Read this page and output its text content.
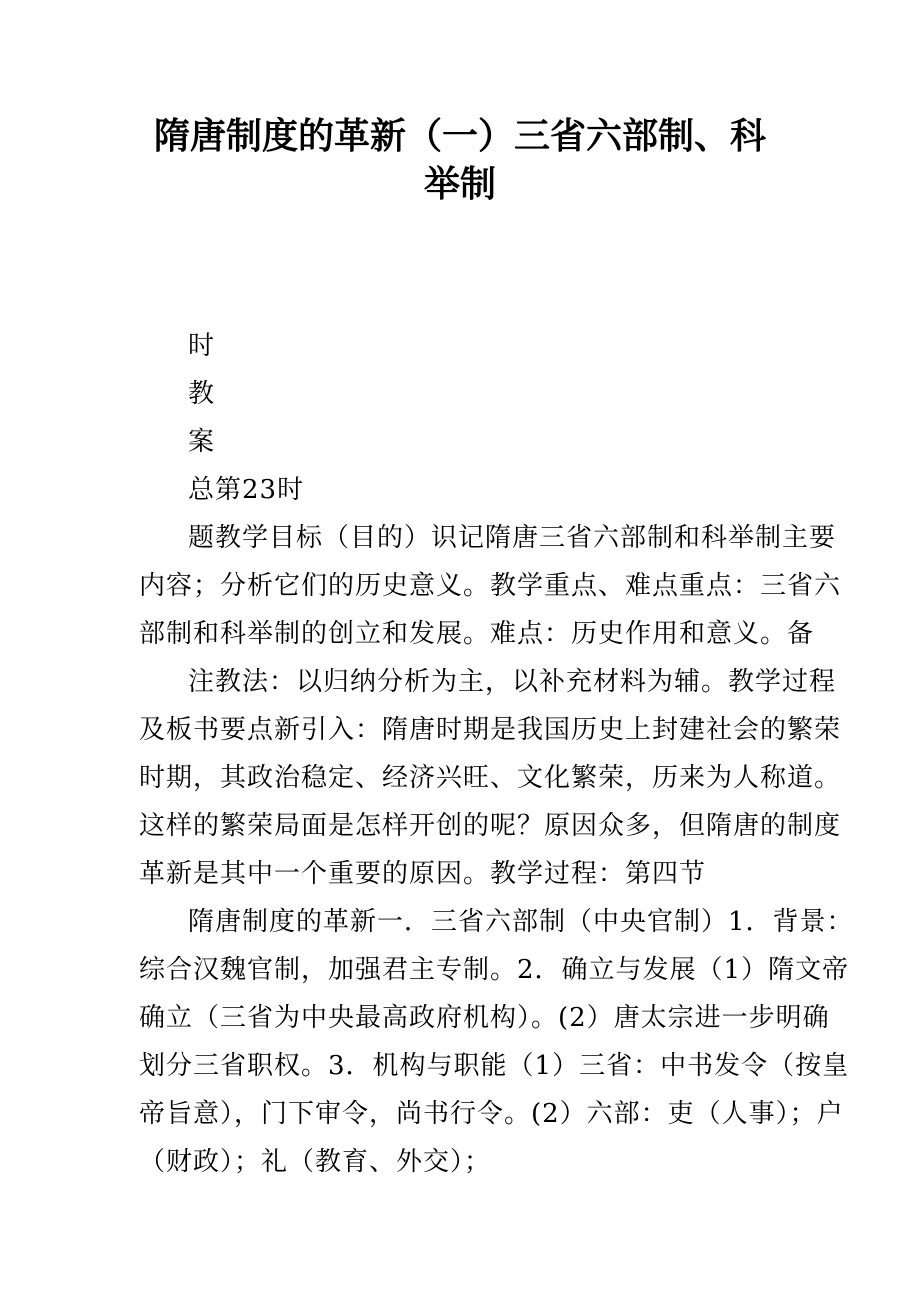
隋唐制度的革新（一）三省六部制、科
举制
时
教
案
总第23时
题教学目标（目的）识记隋唐三省六部制和科举制主要
内容；分析它们的历史意义。教学重点、难点重点：三省六
部制和科举制的创立和发展。难点：历史作用和意义。备
注教法：以归纳分析为主，以补充材料为辅。教学过程
及板书要点新引入：隋唐时期是我国历史上封建社会的繁荣
时期，其政治稳定、经济兴旺、文化繁荣，历来为人称道。
这样的繁荣局面是怎样开创的呢？原因众多，但隋唐的制度
革新是其中一个重要的原因。教学过程：第四节
隋唐制度的革新一．三省六部制（中央官制）1．背景：
综合汉魏官制，加强君主专制。2．确立与发展（1）隋文帝
确立（三省为中央最高政府机构）。(2）唐太宗进一步明确
划分三省职权。3．机构与职能（1）三省：中书发令（按皇
帝旨意），门下审令，尚书行令。(2）六部：吏（人事）；户
（财政）；礼（教育、外交）；
